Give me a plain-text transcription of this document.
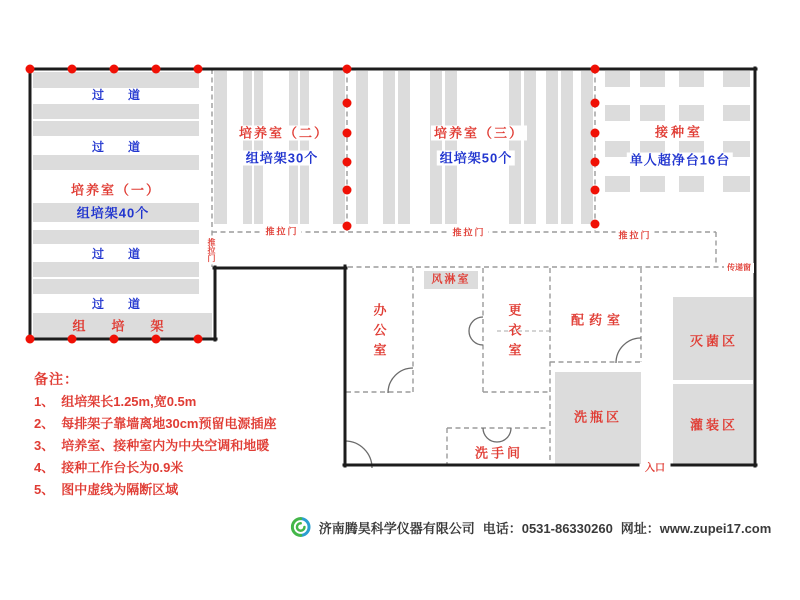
过　　道
过　　道
过　　道
过　　道
培养室（一）
组培架40个
组　　培　　架
培养室（二）
组培架30个
培养室（三）
组培架50个
接种室
单人超净台16台
推拉门	推拉门	推拉门
推拉门
传递窗
风淋室
办公室	更衣室	配药室
灭菌区
洗瓶区
灌装区
洗手间
入口
备注：
1、 组培架长1.25m,宽0.5m
2、 每排架子靠墙离地30cm预留电源插座
3、 培养室、接种室内为中央空调和地暖
4、 接种工作台长为0.9米
5、 图中虚线为隔断区域
济南腾昊科学仪器有限公司 电话：0531-86330260 网址：www.zupei17.com
